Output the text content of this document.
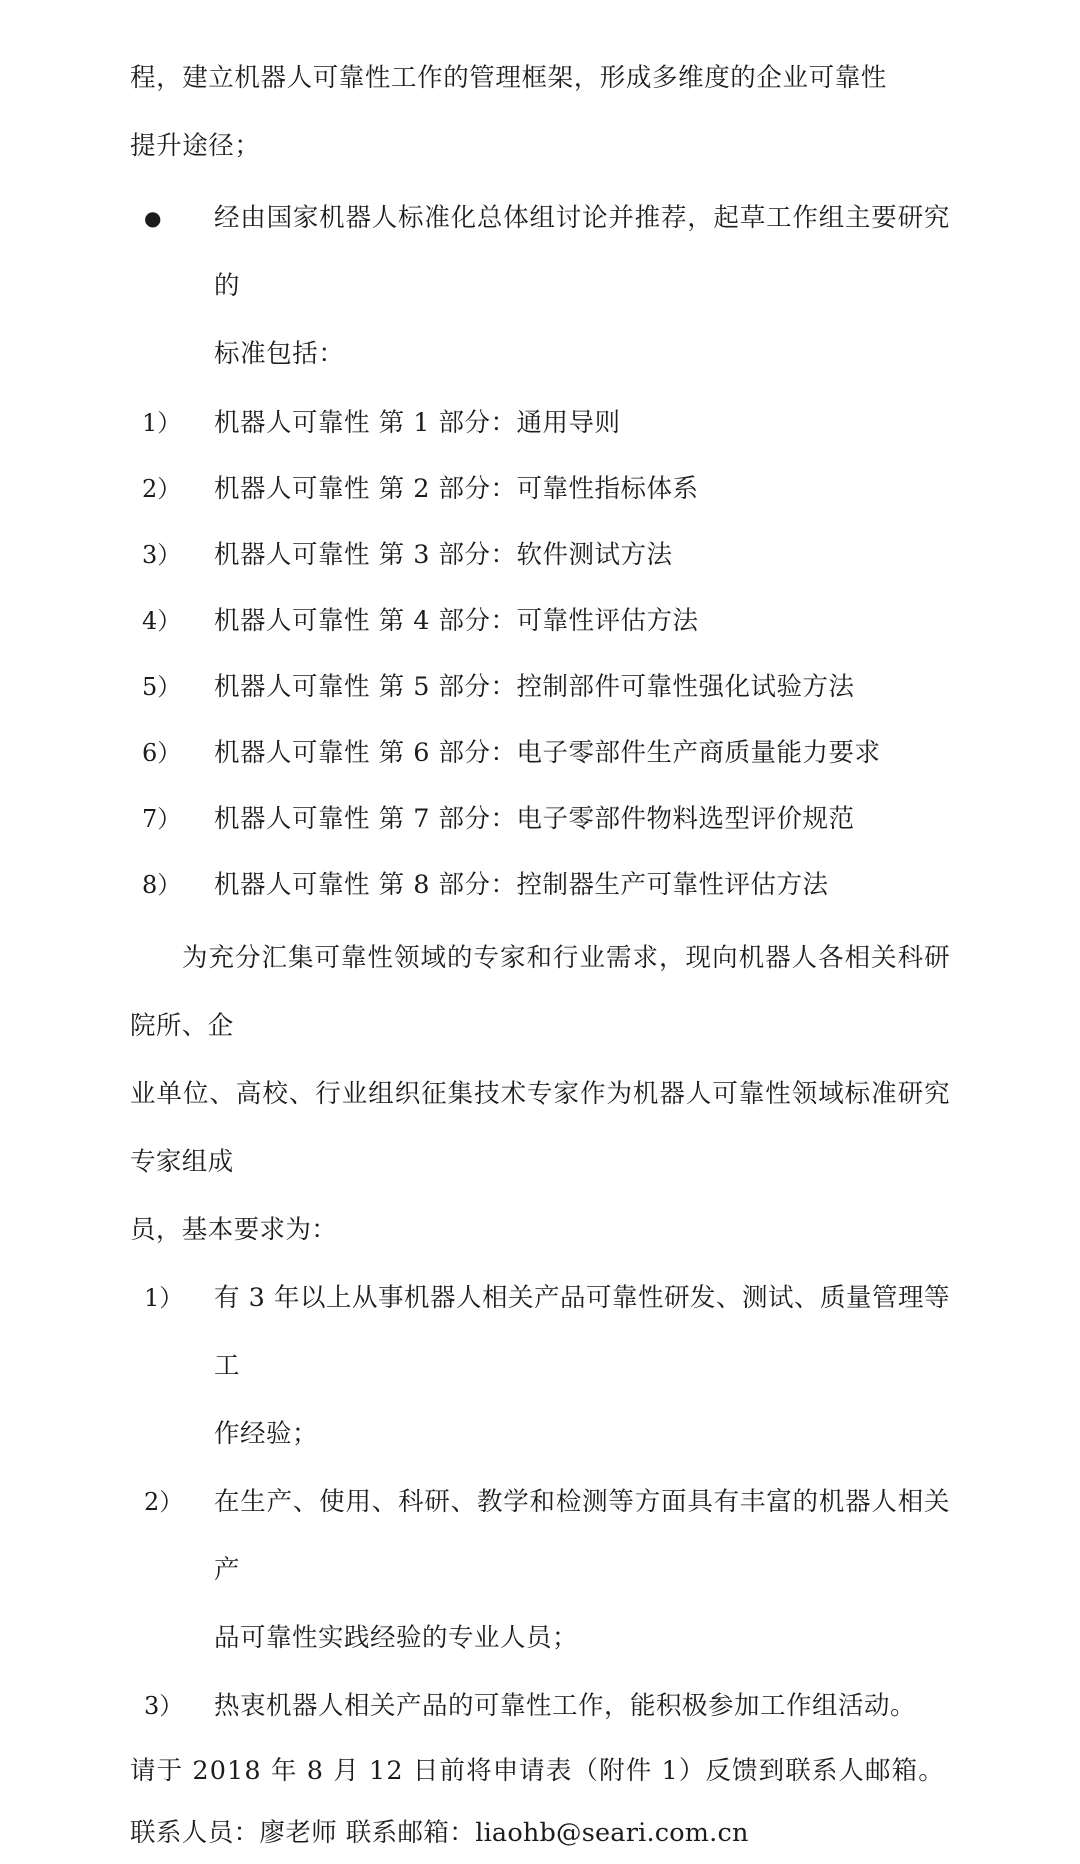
程，建立机器人可靠性工作的管理框架，形成多维度的企业可靠性
提升途径；
●	经由国家机器人标准化总体组讨论并推荐，起草工作组主要研究的
标准包括：
1）	机器人可靠性 第 1 部分：通用导则
2）	机器人可靠性 第 2 部分：可靠性指标体系
3）	机器人可靠性 第 3 部分：软件测试方法
4）	机器人可靠性 第 4 部分：可靠性评估方法
5）	机器人可靠性 第 5 部分：控制部件可靠性强化试验方法
6）	机器人可靠性 第 6 部分：电子零部件生产商质量能力要求
7）	机器人可靠性 第 7 部分：电子零部件物料选型评价规范
8）	机器人可靠性 第 8 部分：控制器生产可靠性评估方法
为充分汇集可靠性领域的专家和行业需求，现向机器人各相关科研院所、企
业单位、高校、行业组织征集技术专家作为机器人可靠性领域标准研究专家组成
员，基本要求为：
1）	有 3 年以上从事机器人相关产品可靠性研发、测试、质量管理等工
作经验；
2）	在生产、使用、科研、教学和检测等方面具有丰富的机器人相关产
品可靠性实践经验的专业人员；
3）	热衷机器人相关产品的可靠性工作，能积极参加工作组活动。
请于 2018 年 8 月 12 日前将申请表（附件 1）反馈到联系人邮箱。
联系人员：廖老师 联系邮箱：liaohb@seari.com.cn
